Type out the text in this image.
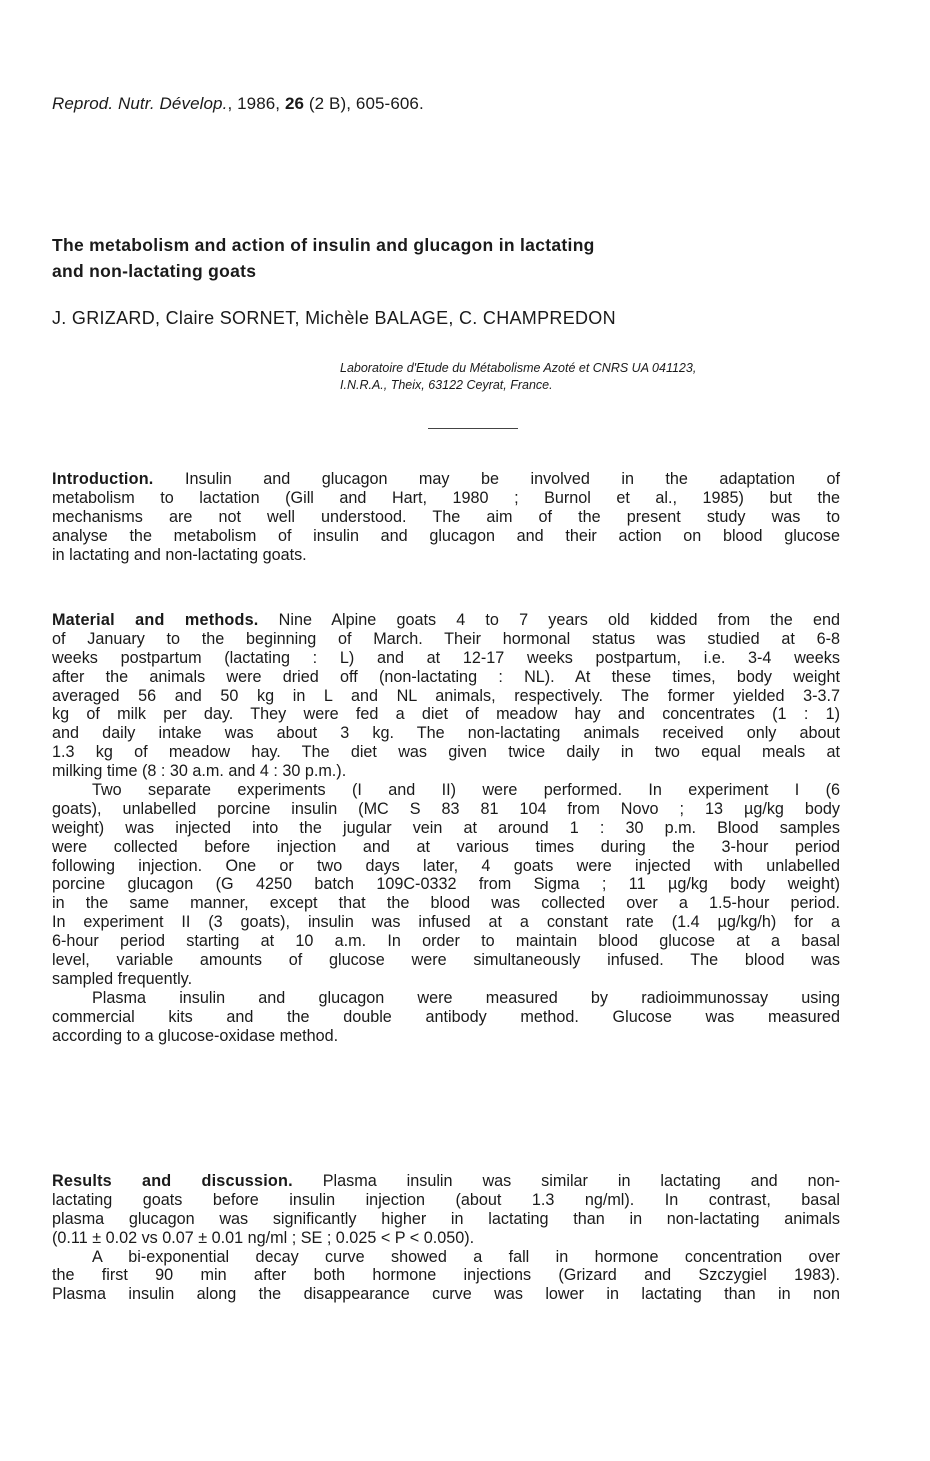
Reprod. Nutr. Dévelop., 1986, 26 (2 B), 605-606.
The metabolism and action of insulin and glucagon in lactating
and non-lactating goats
J. GRIZARD, Claire SORNET, Michèle BALAGE, C. CHAMPREDON
Laboratoire d'Etude du Métabolisme Azoté et CNRS UA 041123,
I.N.R.A., Theix, 63122 Ceyrat, France.
Introduction. Insulin and glucagon may be involved in the adaptation of
metabolism to lactation (Gill and Hart, 1980 ; Burnol et al., 1985) but the
mechanisms are not well understood. The aim of the present study was to
analyse the metabolism of insulin and glucagon and their action on blood glucose
in lactating and non-lactating goats.
Material and methods. Nine Alpine goats 4 to 7 years old kidded from the end
of January to the beginning of March. Their hormonal status was studied at 6-8
weeks postpartum (lactating : L) and at 12-17 weeks postpartum, i.e. 3-4 weeks
after the animals were dried off (non-lactating : NL). At these times, body weight
averaged 56 and 50 kg in L and NL animals, respectively. The former yielded 3-3.7
kg of milk per day. They were fed a diet of meadow hay and concentrates (1 : 1)
and daily intake was about 3 kg. The non-lactating animals received only about
1.3 kg of meadow hay. The diet was given twice daily in two equal meals at
milking time (8 : 30 a.m. and 4 : 30 p.m.).
Two separate experiments (I and II) were performed. In experiment I (6
goats), unlabelled porcine insulin (MC S 83 81 104 from Novo ; 13 µg/kg body
weight) was injected into the jugular vein at around 1 : 30 p.m. Blood samples
were collected before injection and at various times during the 3-hour period
following injection. One or two days later, 4 goats were injected with unlabelled
porcine glucagon (G 4250 batch 109C-0332 from Sigma ; 11 µg/kg body weight)
in the same manner, except that the blood was collected over a 1.5-hour period.
In experiment II (3 goats), insulin was infused at a constant rate (1.4 µg/kg/h) for a
6-hour period starting at 10 a.m. In order to maintain blood glucose at a basal
level, variable amounts of glucose were simultaneously infused. The blood was
sampled frequently.
Plasma insulin and glucagon were measured by radioimmunossay using
commercial kits and the double antibody method. Glucose was measured
according to a glucose-oxidase method.
Results and discussion. Plasma insulin was similar in lactating and non-
lactating goats before insulin injection (about 1.3 ng/ml). In contrast, basal
plasma glucagon was significantly higher in lactating than in non-lactating animals
(0.11 ± 0.02 vs 0.07 ± 0.01 ng/ml ; SE ; 0.025 < P < 0.050).
A bi-exponential decay curve showed a fall in hormone concentration over
the first 90 min after both hormone injections (Grizard and Szczygiel 1983).
Plasma insulin along the disappearance curve was lower in lactating than in non
